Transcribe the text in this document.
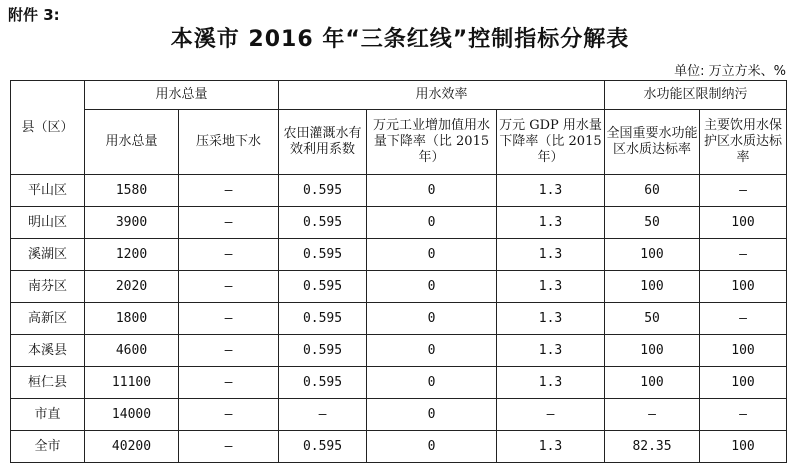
附件 3:
本溪市 2016 年“三条红线”控制指标分解表
单位: 万立方米、%
县（区）	用水总量		用水效率			水功能区限制纳污	
	用水总量	压采地下水	农田灌溉水有效利用系数	万元工业增加值用水量下降率（比 2015 年）	万元 GDP 用水量下降率（比 2015 年）	全国重要水功能区水质达标率	主要饮用水保护区水质达标率
平山区	1580	—	0.595	0	1.3	60	—
明山区	3900	—	0.595	0	1.3	50	100
溪湖区	1200	—	0.595	0	1.3	100	—
南芬区	2020	—	0.595	0	1.3	100	100
高新区	1800	—	0.595	0	1.3	50	—
本溪县	4600	—	0.595	0	1.3	100	100
桓仁县	11100	—	0.595	0	1.3	100	100
市直	14000	—	—	0	—	—	—
全市	40200	—	0.595	0	1.3	82.35	100
